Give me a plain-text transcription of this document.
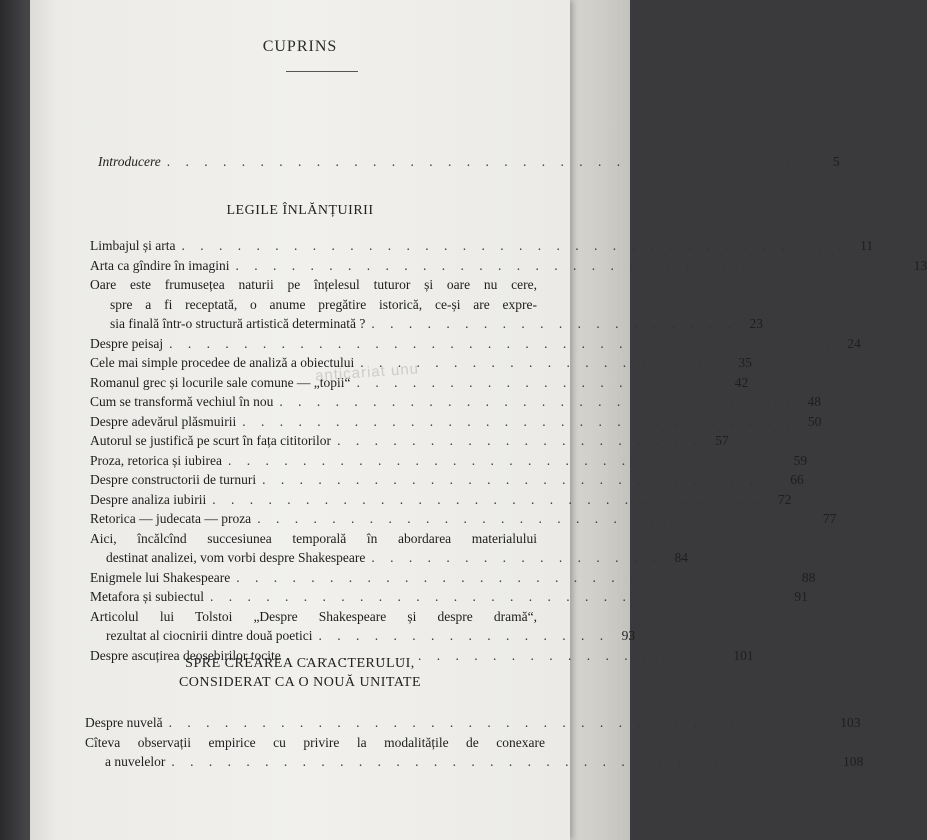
CUPRINS
Introducere . . . . . . . . . . . . . . . . . . . . . . . . . . . . . . . . . . .	5
LEGILE ÎNLĂNȚUIRII
Limbajul și arta . . . . . . . . . . . . . . . . . . . . . . . . . . . . . . . . . . . . 11
Arta ca gîndire în imagini . . . . . . . . . . . . . . . . . . . . . . . . . . . . . . . . . . . . 13
Oare este frumusețea naturii pe înțelesul tuturor și oare nu cere,
spre a fi receptată, o anume pregătire istorică, ce-și are expre-
sia finală într-o structură artistică determinată ? . . . . . . . . . . . . . . . . . . . . 23
Despre peisaj . . . . . . . . . . . . . . . . . . . . . . . . . . . . . . . . . . . . 24
Cele mai simple procedee de analiză a obiectului . . . . . . . . . . . . . . . . . . . . 35
Romanul grec și locurile sale comune — „topii“ . . . . . . . . . . . . . . . . . . . . 42
Cum se transformă vechiul în nou . . . . . . . . . . . . . . . . . . . . . . . . . . . . 48
Despre adevărul plăsmuirii . . . . . . . . . . . . . . . . . . . . . . . . . . . . . . 50
Autorul se justifică pe scurt în fața cititorilor . . . . . . . . . . . . . . . . . . . . 57
Proza, retorica și iubirea . . . . . . . . . . . . . . . . . . . . . . . . . . . . . . 59
Despre constructorii de turnuri . . . . . . . . . . . . . . . . . . . . . . . . . . . . 66
Despre analiza iubirii . . . . . . . . . . . . . . . . . . . . . . . . . . . . . . 72
Retorica — judecata — proza . . . . . . . . . . . . . . . . . . . . . . . . . . . . . . 77
Aici, încălcînd succesiunea temporală în abordarea materialului
destinat analizei, vom vorbi despre Shakespeare . . . . . . . . . . . . . . . . 84
Enigmele lui Shakespeare . . . . . . . . . . . . . . . . . . . . . . . . . . . . . . 88
Metafora și subiectul . . . . . . . . . . . . . . . . . . . . . . . . . . . . . . . 91
Articolul lui Tolstoi „Despre Shakespeare și despre dramă“,
rezultat al ciocnirii dintre două poetici . . . . . . . . . . . . . . . . 93
Despre ascuțirea deosebirilor tocite . . . . . . . . . . . . . . . . . . . . . . . . 101
SPRE CREAREA CARACTERULUI,
CONSIDERAT CA O NOUĂ UNITATE
Despre nuvelă . . . . . . . . . . . . . . . . . . . . . . . . . . . . . . . . . . . . 103
Cîteva observații empirice cu privire la modalitățile de conexare
a nuvelelor . . . . . . . . . . . . . . . . . . . . . . . . . . . . . . . . . . . . 108
anticariat unu
